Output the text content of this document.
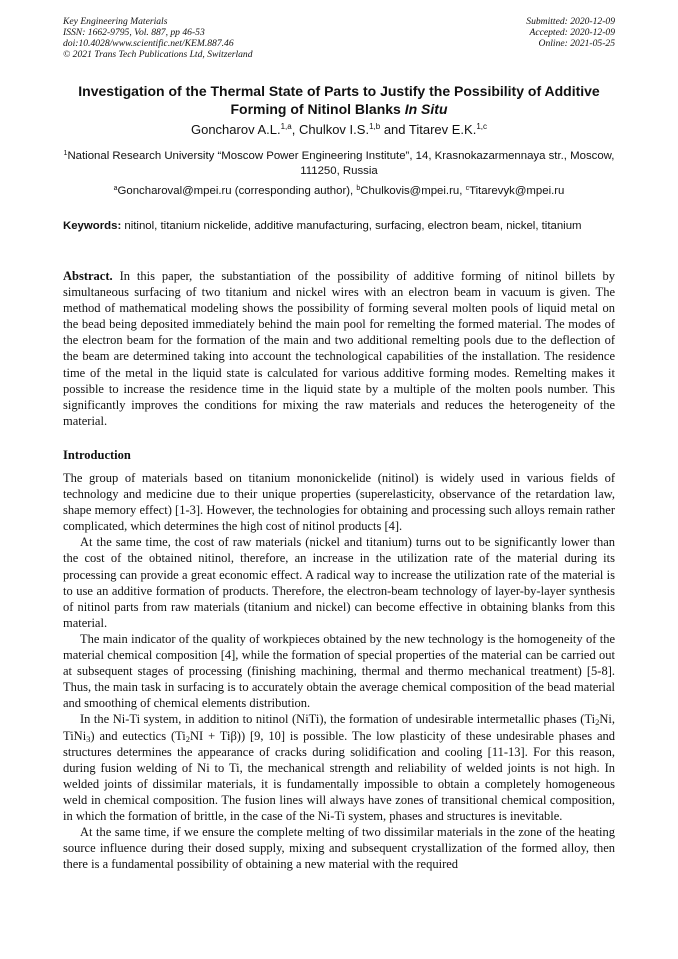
Key Engineering Materials
ISSN: 1662-9795, Vol. 887, pp 46-53
doi:10.4028/www.scientific.net/KEM.887.46
© 2021 Trans Tech Publications Ltd, Switzerland
Submitted: 2020-12-09
Accepted: 2020-12-09
Online: 2021-05-25
Investigation of the Thermal State of Parts to Justify the Possibility of Additive Forming of Nitinol Blanks In Situ
Goncharov A.L.$^{1,a}$, Chulkov I.S.$^{1,b}$ and Titarev E.K.$^{1,c}$
$^1$National Research University “Moscow Power Engineering Institute”, 14, Krasnokazarmennaya str., Moscow, 111250, Russia
$^a$Goncharoval@mpei.ru (corresponding author), $^b$Chulkovis@mpei.ru, $^c$Titarevyk@mpei.ru
Keywords: nitinol, titanium nickelide, additive manufacturing, surfacing, electron beam, nickel, titanium
Abstract. In this paper, the substantiation of the possibility of additive forming of nitinol billets by simultaneous surfacing of two titanium and nickel wires with an electron beam in vacuum is given. The method of mathematical modeling shows the possibility of forming several molten pools of liquid metal on the bead being deposited immediately behind the main pool for remelting the formed material. The modes of the electron beam for the formation of the main and two additional remelting pools due to the deflection of the beam are determined taking into account the technological capabilities of the installation. The residence time of the metal in the liquid state is calculated for various additive forming modes. Remelting makes it possible to increase the residence time in the liquid state by a multiple of the molten pools number. This significantly improves the conditions for mixing the raw materials and reduces the heterogeneity of the material.
Introduction

The group of materials based on titanium mononickelide (nitinol) is widely used in various fields of technology and medicine due to their unique properties (superelasticity, observance of the retardation law, shape memory effect) [1-3]. However, the technologies for obtaining and processing such alloys remain rather complicated, which determines the high cost of nitinol products [4].

At the same time, the cost of raw materials (nickel and titanium) turns out to be significantly lower than the cost of the obtained nitinol, therefore, an increase in the utilization rate of the material during its processing can provide a great economic effect. A radical way to increase the utilization rate of the material is to use an additive formation of products. Therefore, the electron-beam technology of layer-by-layer synthesis of nitinol parts from raw materials (titanium and nickel) can become effective in obtaining blanks from this material.

The main indicator of the quality of workpieces obtained by the new technology is the homogeneity of the material chemical composition [4], while the formation of special properties of the material can be carried out at subsequent stages of processing (finishing machining, thermal and thermo mechanical treatment) [5-8]. Thus, the main task in surfacing is to accurately obtain the average chemical composition of the bead material and smoothing of chemical elements distribution.

In the Ni-Ti system, in addition to nitinol (NiTi), the formation of undesirable intermetallic phases ($Ti_2Ni$, TiNi$_3$) and eutectics $(Ti_2NI + Ti\beta)$) [9, 10] is possible. The low plasticity of these undesirable phases and structures determines the appearance of cracks during solidification and cooling [11-13]. For this reason, during fusion welding of Ni to Ti, the mechanical strength and reliability of welded joints is not high. In welded joints of dissimilar materials, it is fundamentally impossible to obtain a completely homogeneous weld in chemical composition. The fusion lines will always have zones of transitional chemical composition, in which the formation of brittle, in the case of the Ni-Ti system, phases and structures is inevitable.

At the same time, if we ensure the complete melting of two dissimilar materials in the zone of the heating source influence during their dosed supply, mixing and subsequent crystallization of the formed alloy, then there is a fundamental possibility of obtaining a new material with the required
